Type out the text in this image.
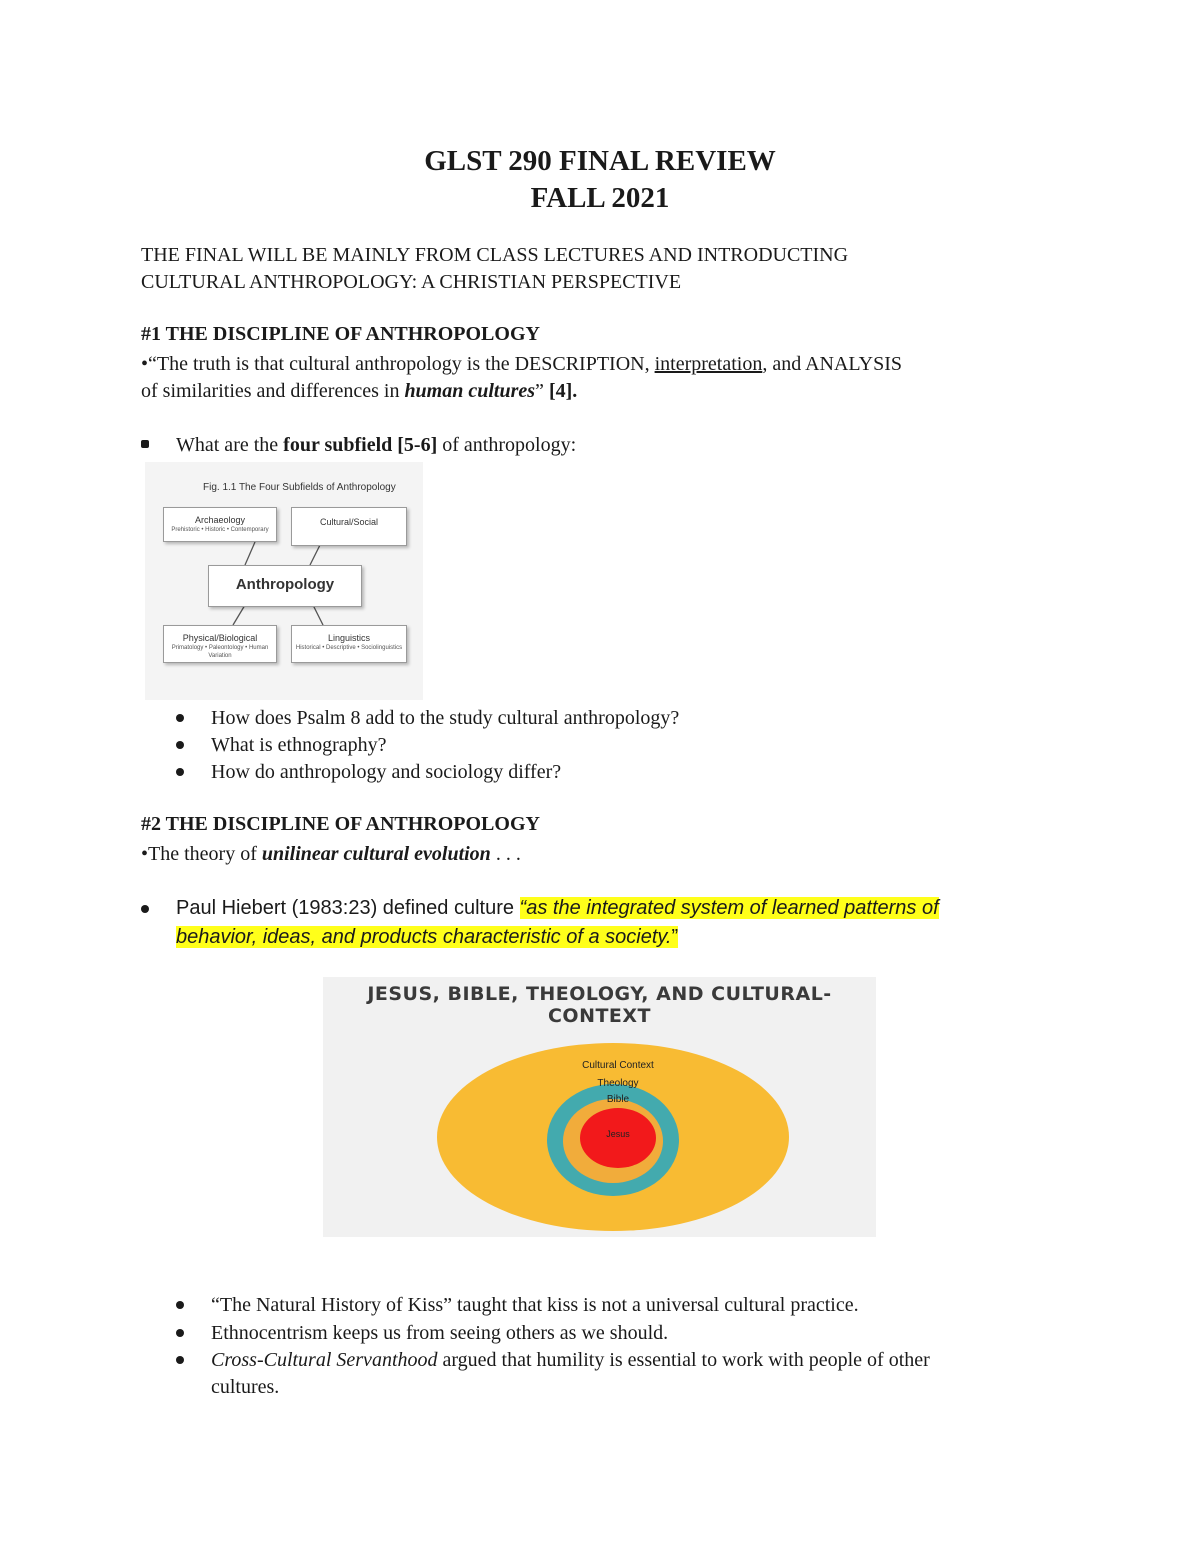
GLST 290 FINAL REVIEW
FALL 2021
THE FINAL WILL BE MAINLY FROM CLASS LECTURES AND INTRODUCTING
CULTURAL ANTHROPOLOGY: A CHRISTIAN PERSPECTIVE
#1 THE DISCIPLINE OF ANTHROPOLOGY
•“The truth is that cultural anthropology is the DESCRIPTION, interpretation, and ANALYSIS
of similarities and differences in human cultures” [4].
What are the four subfield [5-6] of anthropology:
Fig. 1.1 The Four Subfields of Anthropology
Archaeology
Prehistoric • Historic • Contemporary
Cultural/Social
Anthropology
Physical/Biological
Primatology • Paleontology • Human Variation
Linguistics
Historical • Descriptive • Sociolinguistics
How does Psalm 8 add to the study cultural anthropology?
What is ethnography?
How do anthropology and sociology differ?
#2 THE DISCIPLINE OF ANTHROPOLOGY
•The theory of unilinear cultural evolution . . .
Paul Hiebert (1983:23) defined culture “as the integrated system of learned patterns of
behavior, ideas, and products characteristic of a society.”
JESUS, BIBLE, THEOLOGY, AND CULTURAL-CONTEXT
Cultural Context
Theology
Bible
Jesus
“The Natural History of Kiss” taught that kiss is not a universal cultural practice.
Ethnocentrism keeps us from seeing others as we should.
Cross-Cultural Servanthood argued that humility is essential to work with people of other
cultures.
